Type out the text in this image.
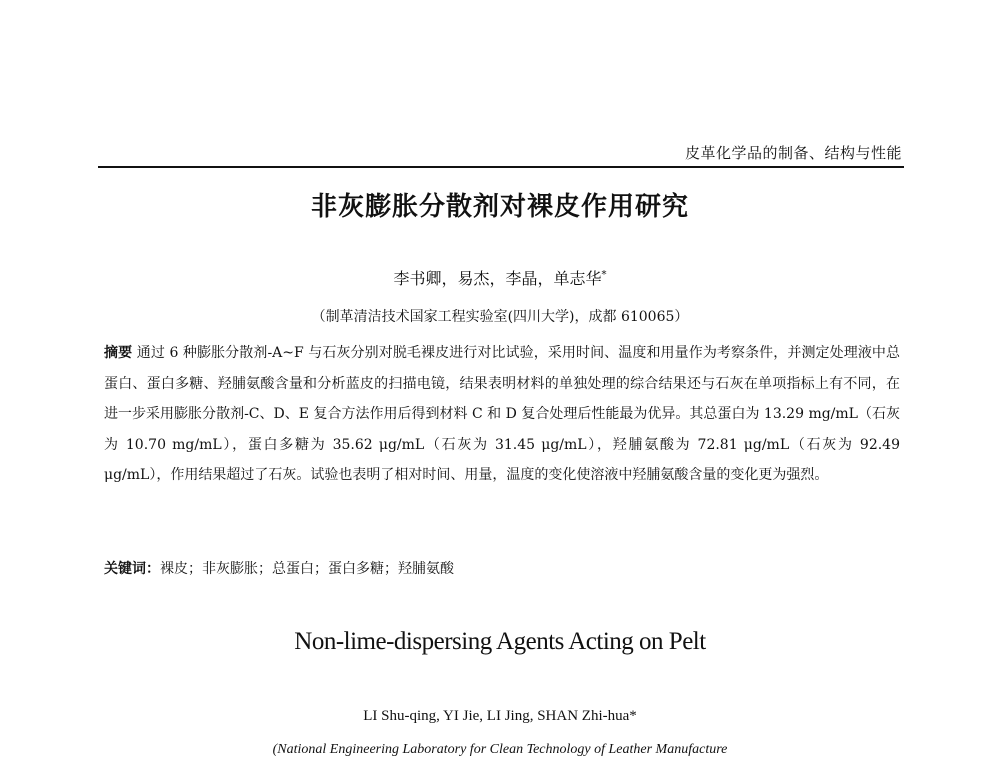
皮革化学品的制备、结构与性能
非灰膨胀分散剂对裸皮作用研究
李书卿，易杰，李晶，单志华*
（制革清洁技术国家工程实验室(四川大学)，成都 610065）
摘要 通过 6 种膨胀分散剂-A~F 与石灰分别对脱毛裸皮进行对比试验，采用时间、温度和用量作为考察条件，并测定处理液中总蛋白、蛋白多糖、羟脯氨酸含量和分析蓝皮的扫描电镜，结果表明材料的单独处理的综合结果还与石灰在单项指标上有不同，在进一步采用膨胀分散剂-C、D、E 复合方法作用后得到材料 C 和 D 复合处理后性能最为优异。其总蛋白为 13.29 mg/mL（石灰为 10.70 mg/mL），蛋白多糖为 35.62 μg/mL（石灰为 31.45 μg/mL），羟脯氨酸为 72.81 μg/mL（石灰为 92.49 μg/mL），作用结果超过了石灰。试验也表明了相对时间、用量，温度的变化使溶液中羟脯氨酸含量的变化更为强烈。
关键词：裸皮；非灰膨胀；总蛋白；蛋白多糖；羟脯氨酸
Non-lime-dispersing Agents Acting on Pelt
LI Shu-qing, YI Jie, LI Jing, SHAN Zhi-hua*
(National Engineering Laboratory for Clean Technology of Leather Manufacture
